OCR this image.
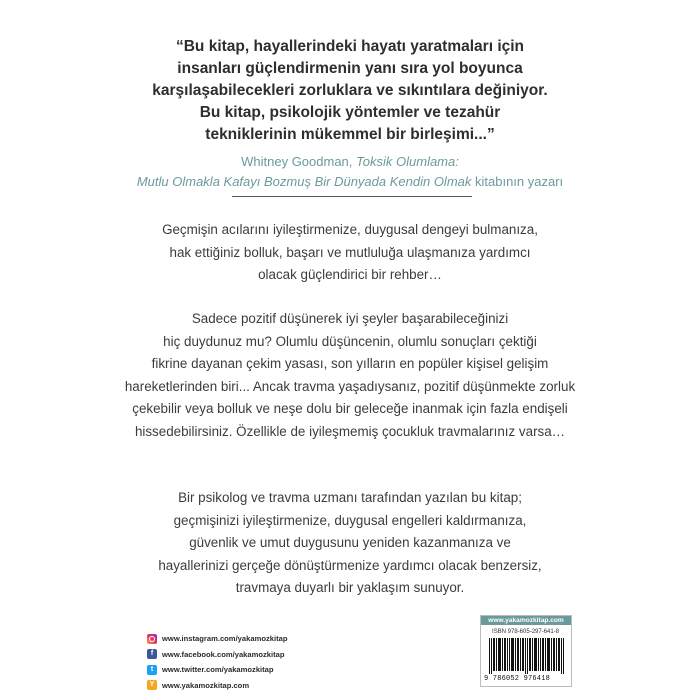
“Bu kitap, hayallerindeki hayatı yaratmaları için
insanları güçlendirmenin yanı sıra yol boyunca
karşılaşabilecekleri zorluklara ve sıkıntılara değiniyor.
Bu kitap, psikolojik yöntemler ve tezahür
tekniklerinin mükemmel bir birleşimi...”
Whitney Goodman, Toksik Olumlama:
Mutlu Olmakla Kafayı Bozmuş Bir Dünyada Kendin Olmak kitabının yazarı
Geçmişin acılarını iyileştirmenize, duygusal dengeyi bulmanıza,
hak ettiğiniz bolluk, başarı ve mutluluğa ulaşmanıza yardımcı
olacak güçlendirici bir rehber…
Sadece pozitif düşünerek iyi şeyler başarabileceğinizi
hiç duydunuz mu? Olumlu düşüncenin, olumlu sonuçları çektiği
fikrine dayanan çekim yasası, son yılların en popüler kişisel gelişim
hareketlerinden biri... Ancak travma yaşadıysanız, pozitif düşünmekte zorluk
çekebilir veya bolluk ve neşe dolu bir geleceğe inanmak için fazla endişeli
hissedebilirsiniz. Özellikle de iyileşmemiş çocukluk travmalarınız varsa…
Bir psikolog ve travma uzmanı tarafından yazılan bu kitap;
geçmişinizi iyileştirmenize, duygusal engelleri kaldırmanıza,
güvenlik ve umut duygusunu yeniden kazanmanıza ve
hayallerinizi gerçeğe dönüştürmenize yardımcı olacak benzersiz,
travmaya duyarlı bir yaklaşım sunuyor.
www.instagram.com/yakamozkitap
f	www.facebook.com/yakamozkitap
t	www.twitter.com/yakamozkitap
Y	www.yakamozkitap.com
www.yakamozkitap.com
ISBN 978-605-297-641-8
9 786052 976418
